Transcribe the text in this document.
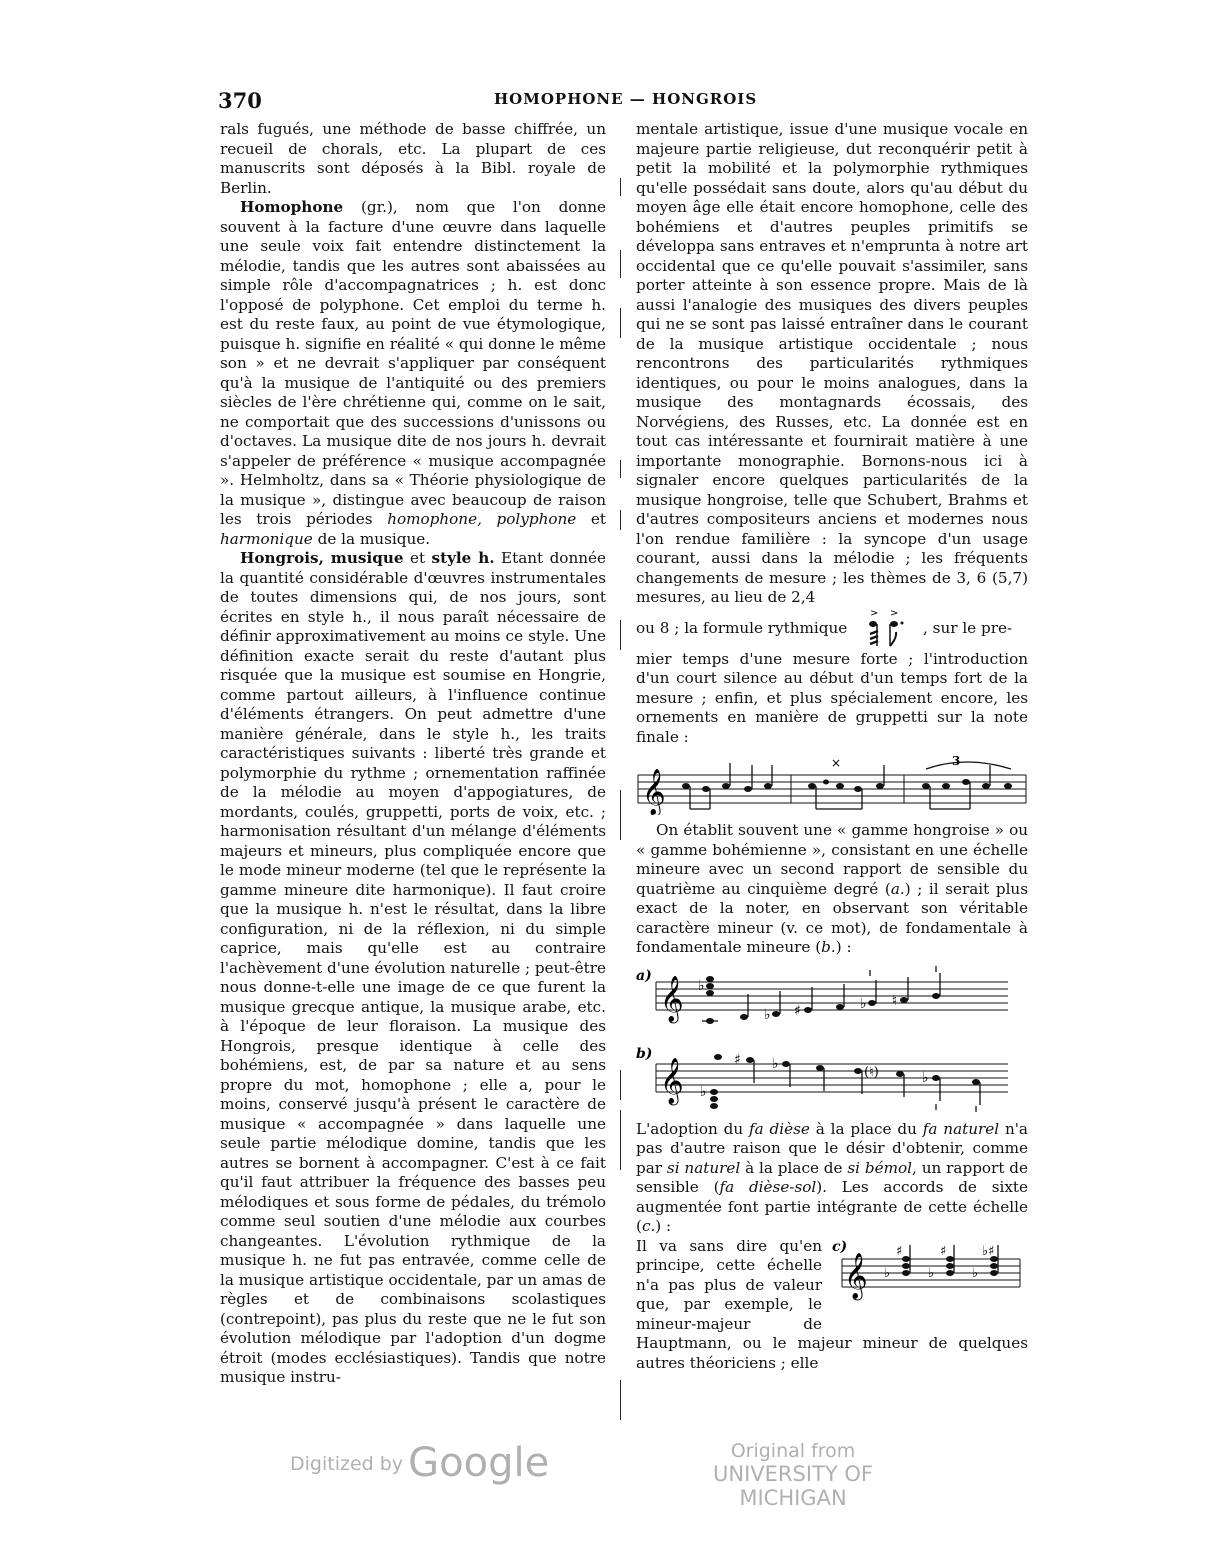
370	HOMOPHONE — HONGROIS

rals fugués, une méthode de basse chiffrée, un recueil de chorals, etc. La plupart de ces manuscrits sont déposés à la Bibl. royale de Berlin.

Homophone (gr.), nom que l'on donne souvent à la facture d'une œuvre dans laquelle une seule voix fait entendre distinctement la mélodie, tandis que les autres sont abaissées au simple rôle d'accompagnatrices ; h. est donc l'opposé de polyphone. Cet emploi du terme h. est du reste faux, au point de vue étymologique, puisque h. signifie en réalité « qui donne le même son » et ne devrait s'appliquer par conséquent qu'à la musique de l'antiquité ou des premiers siècles de l'ère chrétienne qui, comme on le sait, ne comportait que des successions d'unissons ou d'octaves. La musique dite de nos jours h. devrait s'appeler de préférence « musique accompagnée ». Helmholtz, dans sa « Théorie physiologique de la musique », distingue avec beaucoup de raison les trois périodes homophone, polyphone et harmonique de la musique.

Hongrois, musique et style h. Etant donnée la quantité considérable d'œuvres instrumentales de toutes dimensions qui, de nos jours, sont écrites en style h., il nous paraît nécessaire de définir approximativement au moins ce style. Une définition exacte serait du reste d'autant plus risquée que la musique est soumise en Hongrie, comme partout ailleurs, à l'influence continue d'éléments étrangers. On peut admettre d'une manière générale, dans le style h., les traits caractéristiques suivants : liberté très grande et polymorphie du rythme ; ornementation raffinée de la mélodie au moyen d'appogiatures, de mordants, coulés, gruppetti, ports de voix, etc. ; harmonisation résultant d'un mélange d'éléments majeurs et mineurs, plus compliquée encore que le mode mineur moderne (tel que le représente la gamme mineure dite harmonique). Il faut croire que la musique h. n'est le résultat, dans la libre configuration, ni de la réflexion, ni du simple caprice, mais qu'elle est au contraire l'achèvement d'une évolution naturelle ; peut-être nous donne-t-elle une image de ce que furent la musique grecque antique, la musique arabe, etc. à l'époque de leur floraison. La musique des Hongrois, presque identique à celle des bohémiens, est, de par sa nature et au sens propre du mot, homophone ; elle a, pour le moins, conservé jusqu'à présent le caractère de musique « accompagnée » dans laquelle une seule partie mélodique domine, tandis que les autres se bornent à accompagner. C'est à ce fait qu'il faut attribuer la fréquence des basses peu mélodiques et sous forme de pédales, du trémolo comme seul soutien d'une mélodie aux courbes changeantes. L'évolution rythmique de la musique h. ne fut pas entravée, comme celle de la musique artistique occidentale, par un amas de règles et de combinaisons scolastiques (contrepoint), pas plus du reste que ne le fut son évolution mélodique par l'adoption d'un dogme étroit (modes ecclésiastiques). Tandis que notre musique instru-

mentale artistique, issue d'une musique vocale en majeure partie religieuse, dut reconquérir petit à petit la mobilité et la polymorphie rythmiques qu'elle possédait sans doute, alors qu'au début du moyen âge elle était encore homophone, celle des bohémiens et d'autres peuples primitifs se développa sans entraves et n'emprunta à notre art occidental que ce qu'elle pouvait s'assimiler, sans porter atteinte à son essence propre. Mais de là aussi l'analogie des musiques des divers peuples qui ne se sont pas laissé entraîner dans le courant de la musique artistique occidentale ; nous rencontrons des particularités rythmiques identiques, ou pour le moins analogues, dans la musique des montagnards écossais, des Norvégiens, des Russes, etc. La donnée est en tout cas intéressante et fournirait matière à une importante monographie. Bornons-nous ici à signaler encore quelques particularités de la musique hongroise, telle que Schubert, Brahms et d'autres compositeurs anciens et modernes nous l'on rendue familière : la syncope d'un usage courant, aussi dans la mélodie ; les fréquents changements de mesure ; les thèmes de 3, 6 (5,7) mesures, au lieu de 2,4

ou 8 ; la formule rythmique
> >
, sur le pre-

mier temps d'une mesure forte ; l'introduction d'un court silence au début d'un temps fort de la mesure ; enfin, et plus spécialement encore, les ornements en manière de gruppetti sur la note finale :

𝄞
×	3

On établit souvent une « gamme hongroise » ou « gamme bohémienne », consistant en une échelle mineure avec un second rapport de sensible du quatrième au cinquième degré (a.) ; il serait plus exact de la noter, en observant son véritable caractère mineur (v. ce mot), de fondamentale à fondamentale mineure (b.) :

a) 𝄞 ♭
♭ ♯	♭ ♮
b)
𝄞 ♭
♯ ♭
(♮)	♭

L'adoption du fa dièse à la place du fa naturel n'a pas d'autre raison que le désir d'obtenir, comme par si naturel à la place de si bémol, un rapport de sensible (fa dièse-sol). Les accords de sixte augmentée font partie intégrante de cette échelle (c.) :

c)
𝄞
♯
♭
♯
♭
♭♯
♭

Il va sans dire qu'en principe, cette échelle n'a pas plus de valeur que, par exemple, le mineur-majeur de Hauptmann, ou le majeur mineur de quelques autres théoriciens ; elle

Digitized by Google	Original from
UNIVERSITY OF MICHIGAN
